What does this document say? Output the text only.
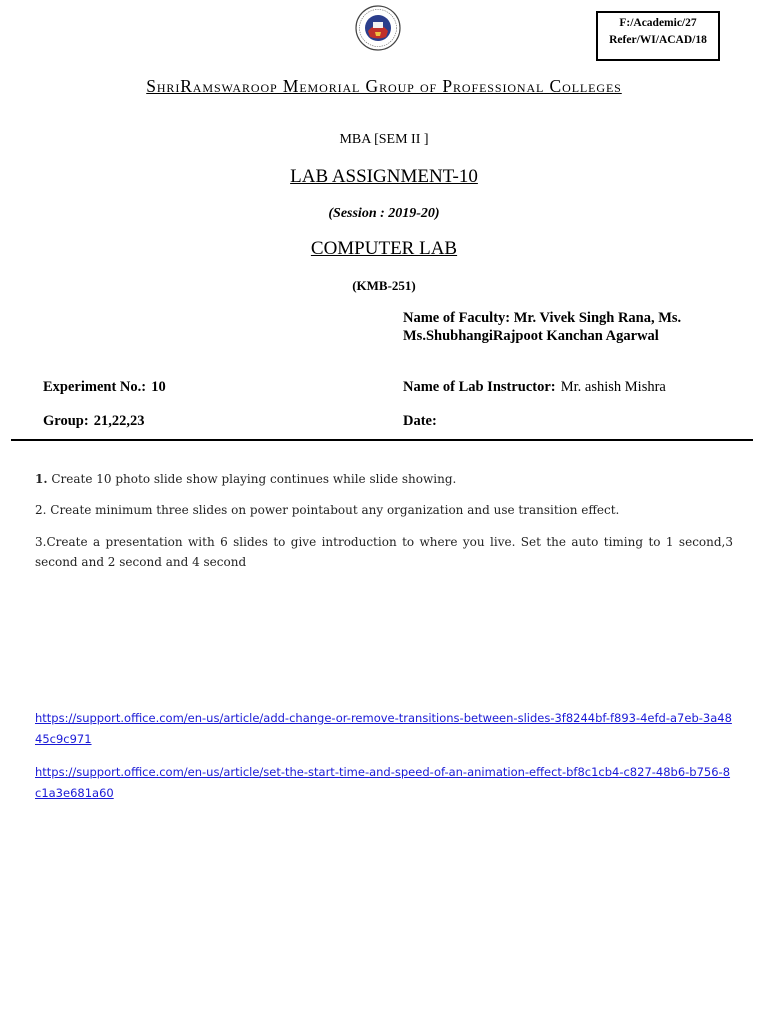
F:/Academic/27
Refer/WI/ACAD/18
ShriRamswaroop Memorial Group of Professional Colleges
MBA [SEM II ]
LAB ASSIGNMENT-10
(Session : 2019-20)
COMPUTER LAB
(KMB-251)
Name of Faculty: Mr. Vivek Singh Rana, Ms.
Ms.ShubhangiRajpoot Kanchan Agarwal
Experiment No.: 10	Name of Lab Instructor: Mr. ashish Mishra
Group: 21,22,23	Date:
1. Create 10 photo slide show playing continues while slide showing.
2. Create minimum three slides on power pointabout any organization and use transition effect.
3.Create a presentation with 6 slides to give introduction to where you live. Set the auto timing to 1 second,3 second and 2 second and 4 second
https://support.office.com/en-us/article/add-change-or-remove-transitions-between-slides-3f8244bf-f893-4efd-a7eb-3a4845c9c971
https://support.office.com/en-us/article/set-the-start-time-and-speed-of-an-animation-effect-bf8c1cb4-c827-48b6-b756-8c1a3e681a60
